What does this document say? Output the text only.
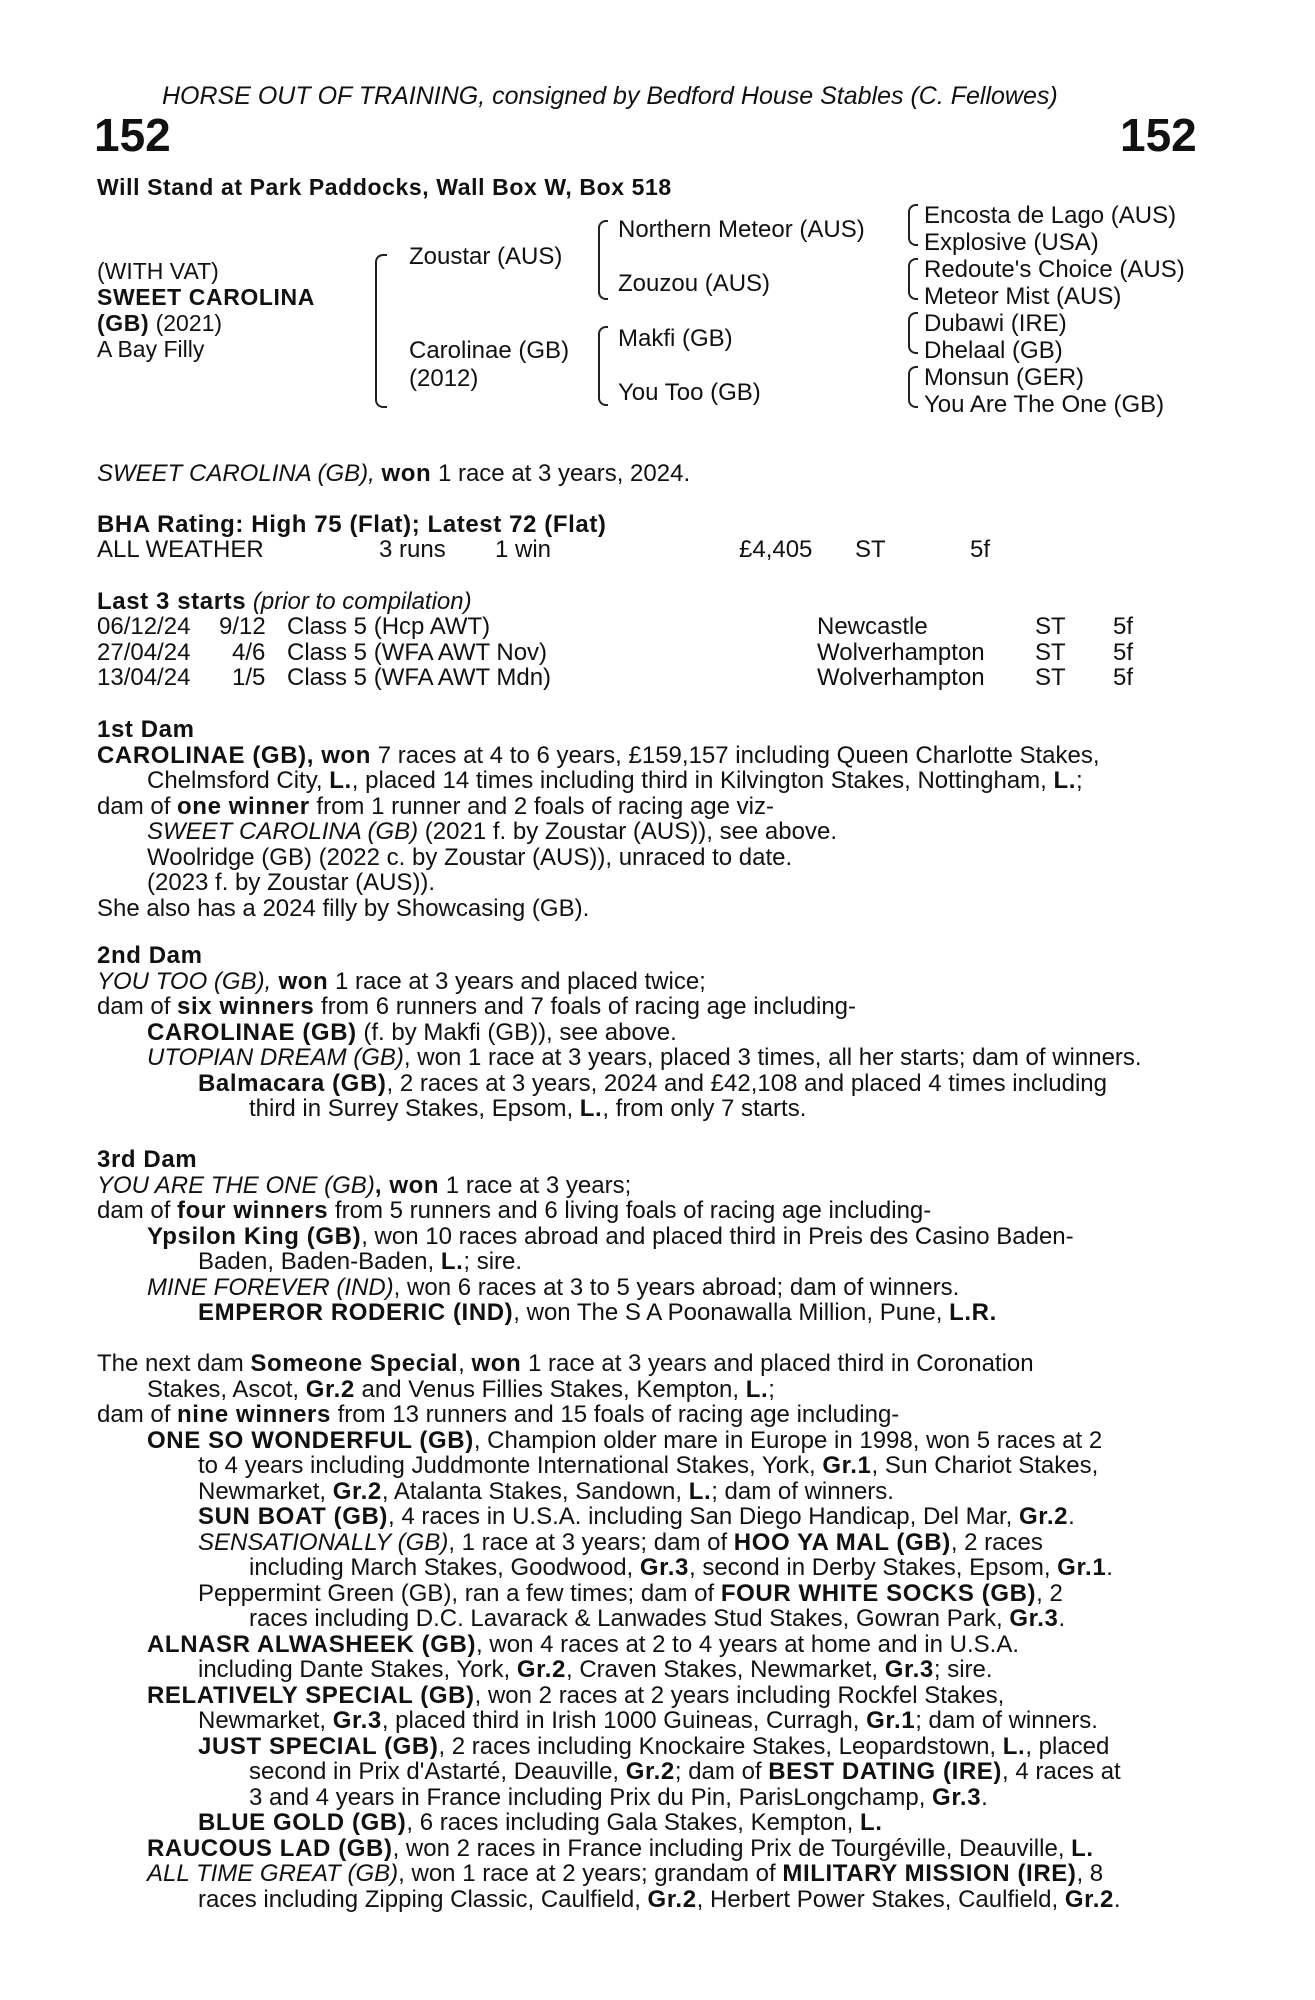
HORSE OUT OF TRAINING, consigned by Bedford House Stables (C. Fellowes)
152	152
Will Stand at Park Paddocks, Wall Box W, Box 518
(WITH VAT)
SWEET CAROLINA
(GB) (2021)
A Bay Filly
Zoustar (AUS)
Carolinae (GB)
(2012)
Northern Meteor (AUS)
Zouzou (AUS)
Makfi (GB)
You Too (GB)
Encosta de Lago (AUS)
Explosive (USA)
Redoute's Choice (AUS)
Meteor Mist (AUS)
Dubawi (IRE)
Dhelaal (GB)
Monsun (GER)
You Are The One (GB)
SWEET CAROLINA (GB), won 1 race at 3 years, 2024.
BHA Rating: High 75 (Flat); Latest 72 (Flat)
ALL WEATHER	3 runs 1 win	£4,405 ST	5f
Last 3 starts (prior to compilation)
06/12/24 9/12 Class 5 (Hcp AWT)	Newcastle	ST 5f
27/04/24 4/6 Class 5 (WFA AWT Nov)	Wolverhampton ST 5f
13/04/24 1/5 Class 5 (WFA AWT Mdn)	Wolverhampton ST 5f
1st Dam
CAROLINAE (GB), won 7 races at 4 to 6 years, £159,157 including Queen Charlotte Stakes,
Chelmsford City, L., placed 14 times including third in Kilvington Stakes, Nottingham, L.;
dam of one winner from 1 runner and 2 foals of racing age viz-
SWEET CAROLINA (GB) (2021 f. by Zoustar (AUS)), see above.
Woolridge (GB) (2022 c. by Zoustar (AUS)), unraced to date.
(2023 f. by Zoustar (AUS)).
She also has a 2024 filly by Showcasing (GB).
2nd Dam
YOU TOO (GB), won 1 race at 3 years and placed twice;
dam of six winners from 6 runners and 7 foals of racing age including-
CAROLINAE (GB) (f. by Makfi (GB)), see above.
UTOPIAN DREAM (GB), won 1 race at 3 years, placed 3 times, all her starts; dam of winners.
Balmacara (GB), 2 races at 3 years, 2024 and £42,108 and placed 4 times including
third in Surrey Stakes, Epsom, L., from only 7 starts.
3rd Dam
YOU ARE THE ONE (GB), won 1 race at 3 years;
dam of four winners from 5 runners and 6 living foals of racing age including-
Ypsilon King (GB), won 10 races abroad and placed third in Preis des Casino Baden-
Baden, Baden-Baden, L.; sire.
MINE FOREVER (IND), won 6 races at 3 to 5 years abroad; dam of winners.
EMPEROR RODERIC (IND), won The S A Poonawalla Million, Pune, L.R.
The next dam Someone Special, won 1 race at 3 years and placed third in Coronation
Stakes, Ascot, Gr.2 and Venus Fillies Stakes, Kempton, L.;
dam of nine winners from 13 runners and 15 foals of racing age including-
ONE SO WONDERFUL (GB), Champion older mare in Europe in 1998, won 5 races at 2
to 4 years including Juddmonte International Stakes, York, Gr.1, Sun Chariot Stakes,
Newmarket, Gr.2, Atalanta Stakes, Sandown, L.; dam of winners.
SUN BOAT (GB), 4 races in U.S.A. including San Diego Handicap, Del Mar, Gr.2.
SENSATIONALLY (GB), 1 race at 3 years; dam of HOO YA MAL (GB), 2 races
including March Stakes, Goodwood, Gr.3, second in Derby Stakes, Epsom, Gr.1.
Peppermint Green (GB), ran a few times; dam of FOUR WHITE SOCKS (GB), 2
races including D.C. Lavarack & Lanwades Stud Stakes, Gowran Park, Gr.3.
ALNASR ALWASHEEK (GB), won 4 races at 2 to 4 years at home and in U.S.A.
including Dante Stakes, York, Gr.2, Craven Stakes, Newmarket, Gr.3; sire.
RELATIVELY SPECIAL (GB), won 2 races at 2 years including Rockfel Stakes,
Newmarket, Gr.3, placed third in Irish 1000 Guineas, Curragh, Gr.1; dam of winners.
JUST SPECIAL (GB), 2 races including Knockaire Stakes, Leopardstown, L., placed
second in Prix d'Astarté, Deauville, Gr.2; dam of BEST DATING (IRE), 4 races at
3 and 4 years in France including Prix du Pin, ParisLongchamp, Gr.3.
BLUE GOLD (GB), 6 races including Gala Stakes, Kempton, L.
RAUCOUS LAD (GB), won 2 races in France including Prix de Tourgéville, Deauville, L.
ALL TIME GREAT (GB), won 1 race at 2 years; grandam of MILITARY MISSION (IRE), 8
races including Zipping Classic, Caulfield, Gr.2, Herbert Power Stakes, Caulfield, Gr.2.
